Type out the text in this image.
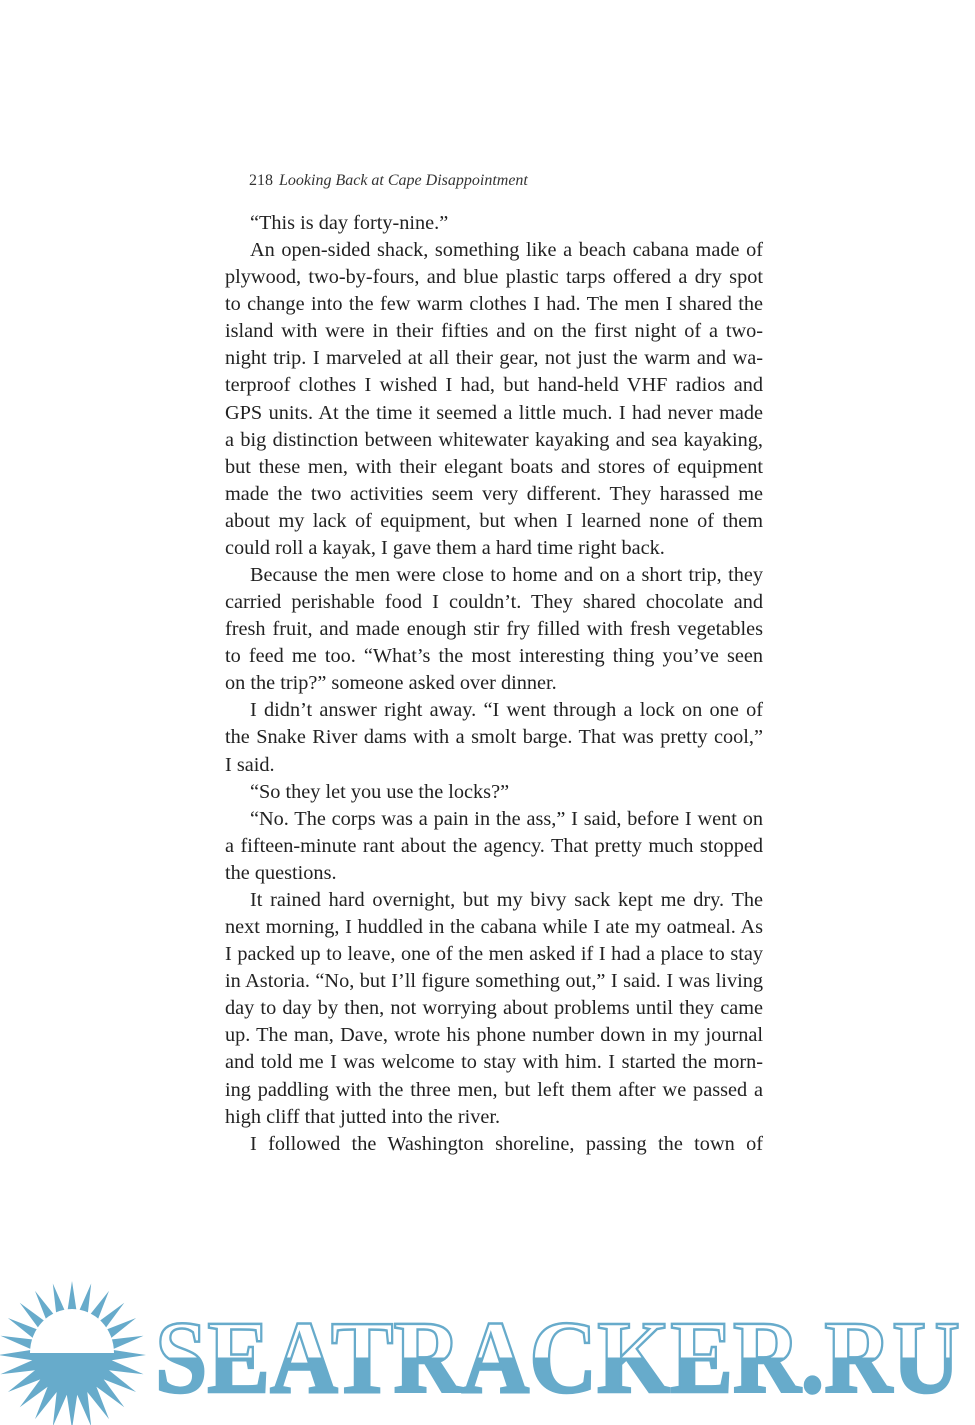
218 Looking Back at Cape Disappointment
“This is day forty-nine.”
An open-sided shack, something like a beach cabana made of
plywood, two-by-fours, and blue plastic tarps offered a dry spot
to change into the few warm clothes I had. The men I shared the
island with were in their fifties and on the first night of a two-
night trip. I marveled at all their gear, not just the warm and wa-
terproof clothes I wished I had, but hand-held VHF radios and
GPS units. At the time it seemed a little much. I had never made
a big distinction between whitewater kayaking and sea kayaking,
but these men, with their elegant boats and stores of equipment
made the two activities seem very different. They harassed me
about my lack of equipment, but when I learned none of them
could roll a kayak, I gave them a hard time right back.
Because the men were close to home and on a short trip, they
carried perishable food I couldn’t. They shared chocolate and
fresh fruit, and made enough stir fry filled with fresh vegetables
to feed me too. “What’s the most interesting thing you’ve seen
on the trip?” someone asked over dinner.
I didn’t answer right away. “I went through a lock on one of
the Snake River dams with a smolt barge. That was pretty cool,”
I said.
“So they let you use the locks?”
“No. The corps was a pain in the ass,” I said, before I went on
a fifteen-minute rant about the agency. That pretty much stopped
the questions.
It rained hard overnight, but my bivy sack kept me dry. The
next morning, I huddled in the cabana while I ate my oatmeal. As
I packed up to leave, one of the men asked if I had a place to stay
in Astoria. “No, but I’ll figure something out,” I said. I was living
day to day by then, not worrying about problems until they came
up. The man, Dave, wrote his phone number down in my journal
and told me I was welcome to stay with him. I started the morn-
ing paddling with the three men, but left them after we passed a
high cliff that jutted into the river.
I followed the Washington shoreline, passing the town of
SEATRACKER.RU
